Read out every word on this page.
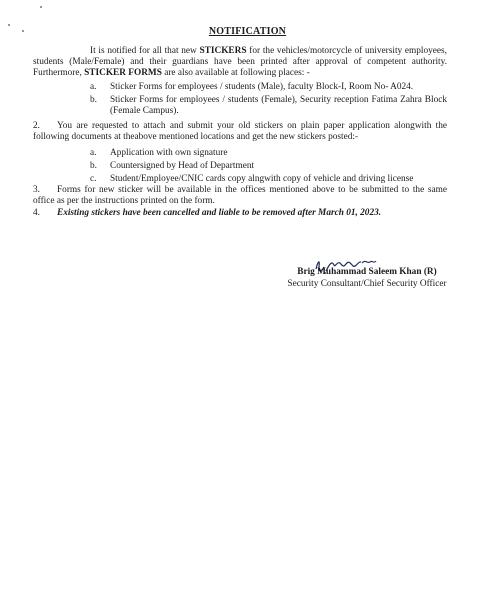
NOTIFICATION

It is notified for all that new STICKERS for the vehicles/motorcycle of university employees, students (Male/Female) and their guardians have been printed after approval of competent authority. Furthermore, STICKER FORMS are also available at following places: -

a.	Sticker Forms for employees / students (Male), faculty Block-I, Room No- A024.
b.	Sticker Forms for employees / students (Female), Security reception Fatima Zahra Block (Female Campus).

2. You are requested to attach and submit your old stickers on plain paper application alongwith the following documents at theabove mentioned locations and get the new stickers posted:-

a.	Application with own signature
b.	Countersigned by Head of Department
c.	Student/Employee/CNIC cards copy alngwith copy of vehicle and driving license

3. Forms for new sticker will be available in the offices mentioned above to be submitted to the same office as per the instructions printed on the form.

4. Existing stickers have been cancelled and liable to be removed after March 01, 2023.

Brig Muhammad Saleem Khan (R)
Security Consultant/Chief Security Officer
